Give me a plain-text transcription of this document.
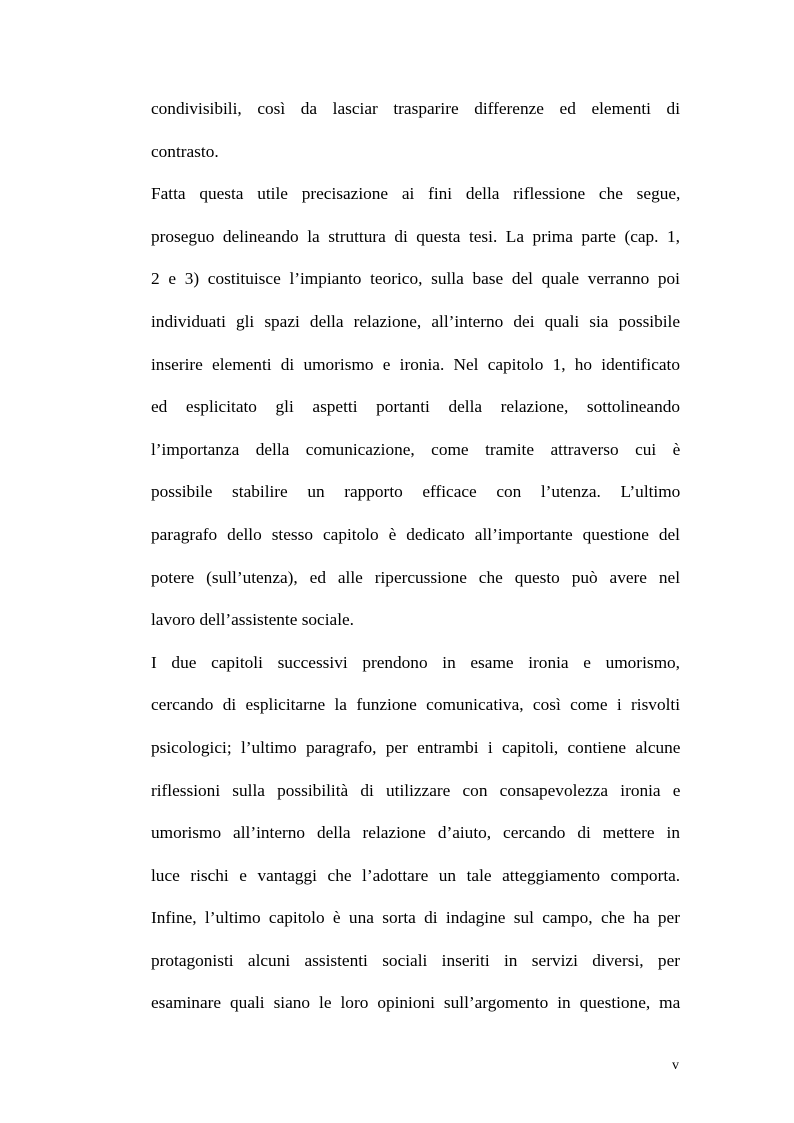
condivisibili, così da lasciar trasparire differenze ed elementi di
contrasto.
Fatta questa utile precisazione ai fini della riflessione che segue,
proseguo delineando la struttura di questa tesi. La prima parte (cap. 1,
2 e 3) costituisce l’impianto teorico, sulla base del quale verranno poi
individuati gli spazi della relazione, all’interno dei quali sia possibile
inserire elementi di umorismo e ironia. Nel capitolo 1, ho identificato
ed esplicitato gli aspetti portanti della relazione, sottolineando
l’importanza della comunicazione, come tramite attraverso cui è
possibile stabilire un rapporto efficace con l’utenza. L’ultimo
paragrafo dello stesso capitolo è dedicato all’importante questione del
potere (sull’utenza), ed alle ripercussione che questo può avere nel
lavoro dell’assistente sociale.
I due capitoli successivi prendono in esame ironia e umorismo,
cercando di esplicitarne la funzione comunicativa, così come i risvolti
psicologici; l’ultimo paragrafo, per entrambi i capitoli, contiene alcune
riflessioni sulla possibilità di utilizzare con consapevolezza ironia e
umorismo all’interno della relazione d’aiuto, cercando di mettere in
luce rischi e vantaggi che l’adottare un tale atteggiamento comporta.
Infine, l’ultimo capitolo è una sorta di indagine sul campo, che ha per
protagonisti alcuni assistenti sociali inseriti in servizi diversi, per
esaminare quali siano le loro opinioni sull’argomento in questione, ma
v
